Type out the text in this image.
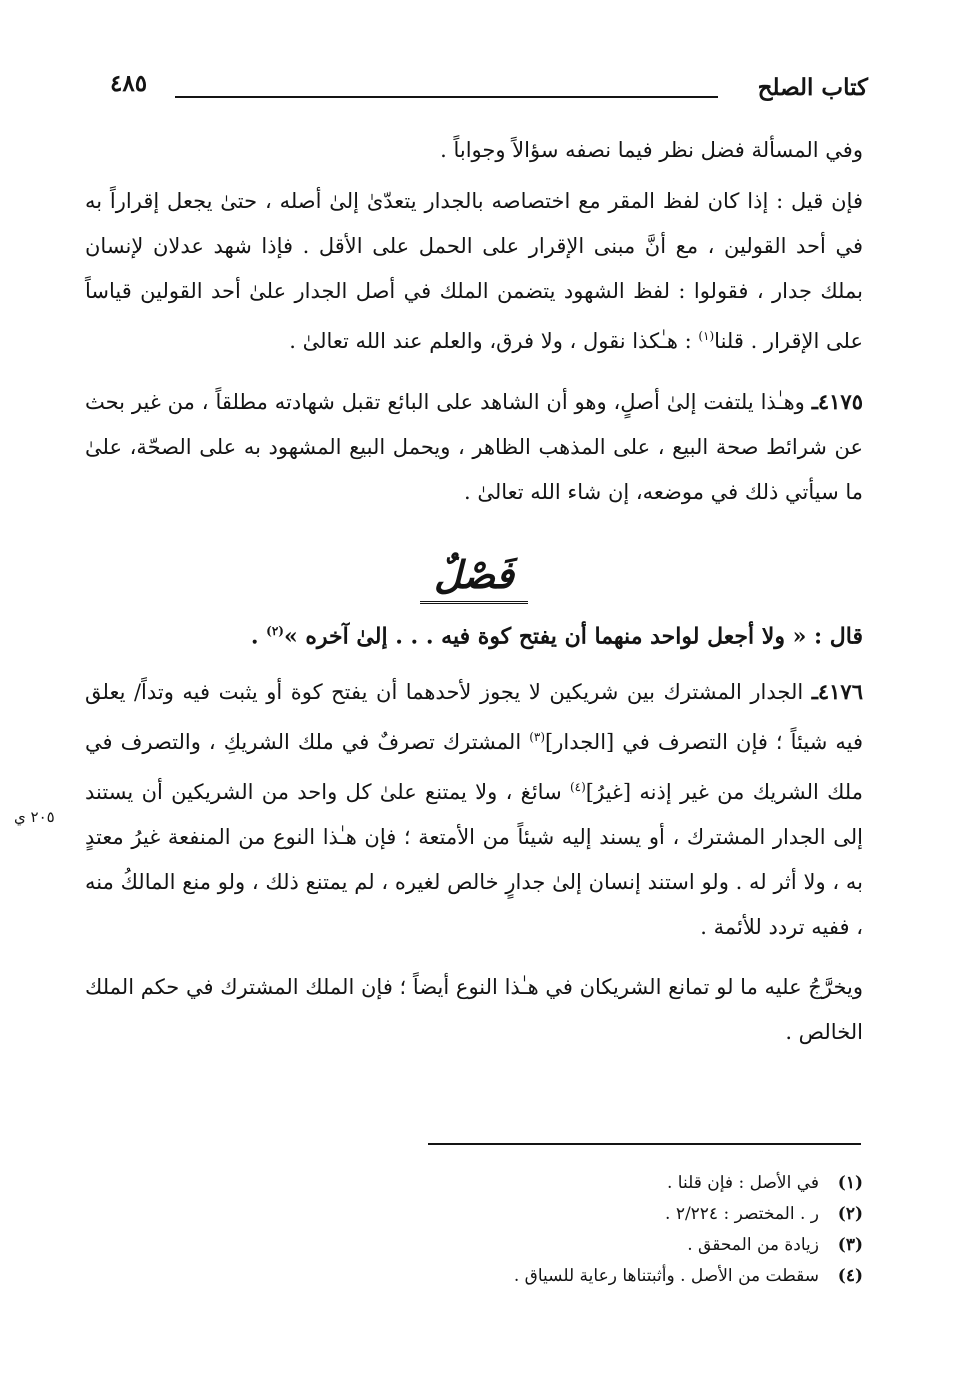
كتاب الصلح
٤٨٥
٢٠٥ ي

وفي المسألة فضل نظر فيما نصفه سؤالاً وجواباً .

فإن قيل : إذا كان لفظ المقر مع اختصاصه بالجدار يتعدّىٰ إلىٰ أصله ، حتىٰ يجعل إقراراً به في أحد القولين ، مع أنَّ مبنى الإقرار على الحمل على الأقل . فإذا شهد عدلان لإنسان بملك جدار ، فقولوا : لفظ الشهود يتضمن الملك في أصل الجدار علىٰ أحد القولين قياساً على الإقرار . قلنا$^{(١)}$ : هـٰكذا نقول ، ولا فرق، والعلم عند الله تعالىٰ .

٤١٧٥ـ وهـٰذا يلتفت إلىٰ أصلٍ، وهو أن الشاهد على البائع تقبل شهادته مطلقاً ، من غير بحث عن شرائط صحة البيع ، على المذهب الظاهر ، ويحمل البيع المشهود به على الصحّة، علىٰ ما سيأتي ذلك في موضعه، إن شاء الله تعالىٰ .

فَصْلٌ

قال : « ولا أجعل لواحد منهما أن يفتح كوة فيه . . . إلىٰ آخره »$^{(٢)}$ .

٤١٧٦ـ الجدار المشترك بين شريكين لا يجوز لأحدهما أن يفتح كوة أو يثبت فيه وتداً/ يعلق فيه شيئاً ؛ فإن التصرف في [الجدار]$^{(٣)}$ المشترك تصرفٌ في ملك الشريكِ ، والتصرف في ملك الشريك من غير إذنه [غيرُ]$^{(٤)}$ سائغ ، ولا يمتنع علىٰ كل واحد من الشريكين أن يستند إلى الجدار المشترك ، أو يسند إليه شيئاً من الأمتعة ؛ فإن هـٰذا النوع من المنفعة غيرُ معتدٍ به ، ولا أثر له . ولو استند إنسان إلىٰ جدارٍ خالص لغيره ، لم يمتنع ذلك ، ولو منع المالكُ منه ، ففيه تردد للأئمة .

ويخرَّجُ عليه ما لو تمانع الشريكان في هـٰذا النوع أيضاً ؛ فإن الملك المشترك في حكم الملك الخالص .

(١)في الأصل : فإن قلنا .
(٢)ر . المختصر : ٢/٢٢٤ .
(٣)زيادة من المحقق .
(٤)سقطت من الأصل . وأثبتناها رعاية للسياق .
